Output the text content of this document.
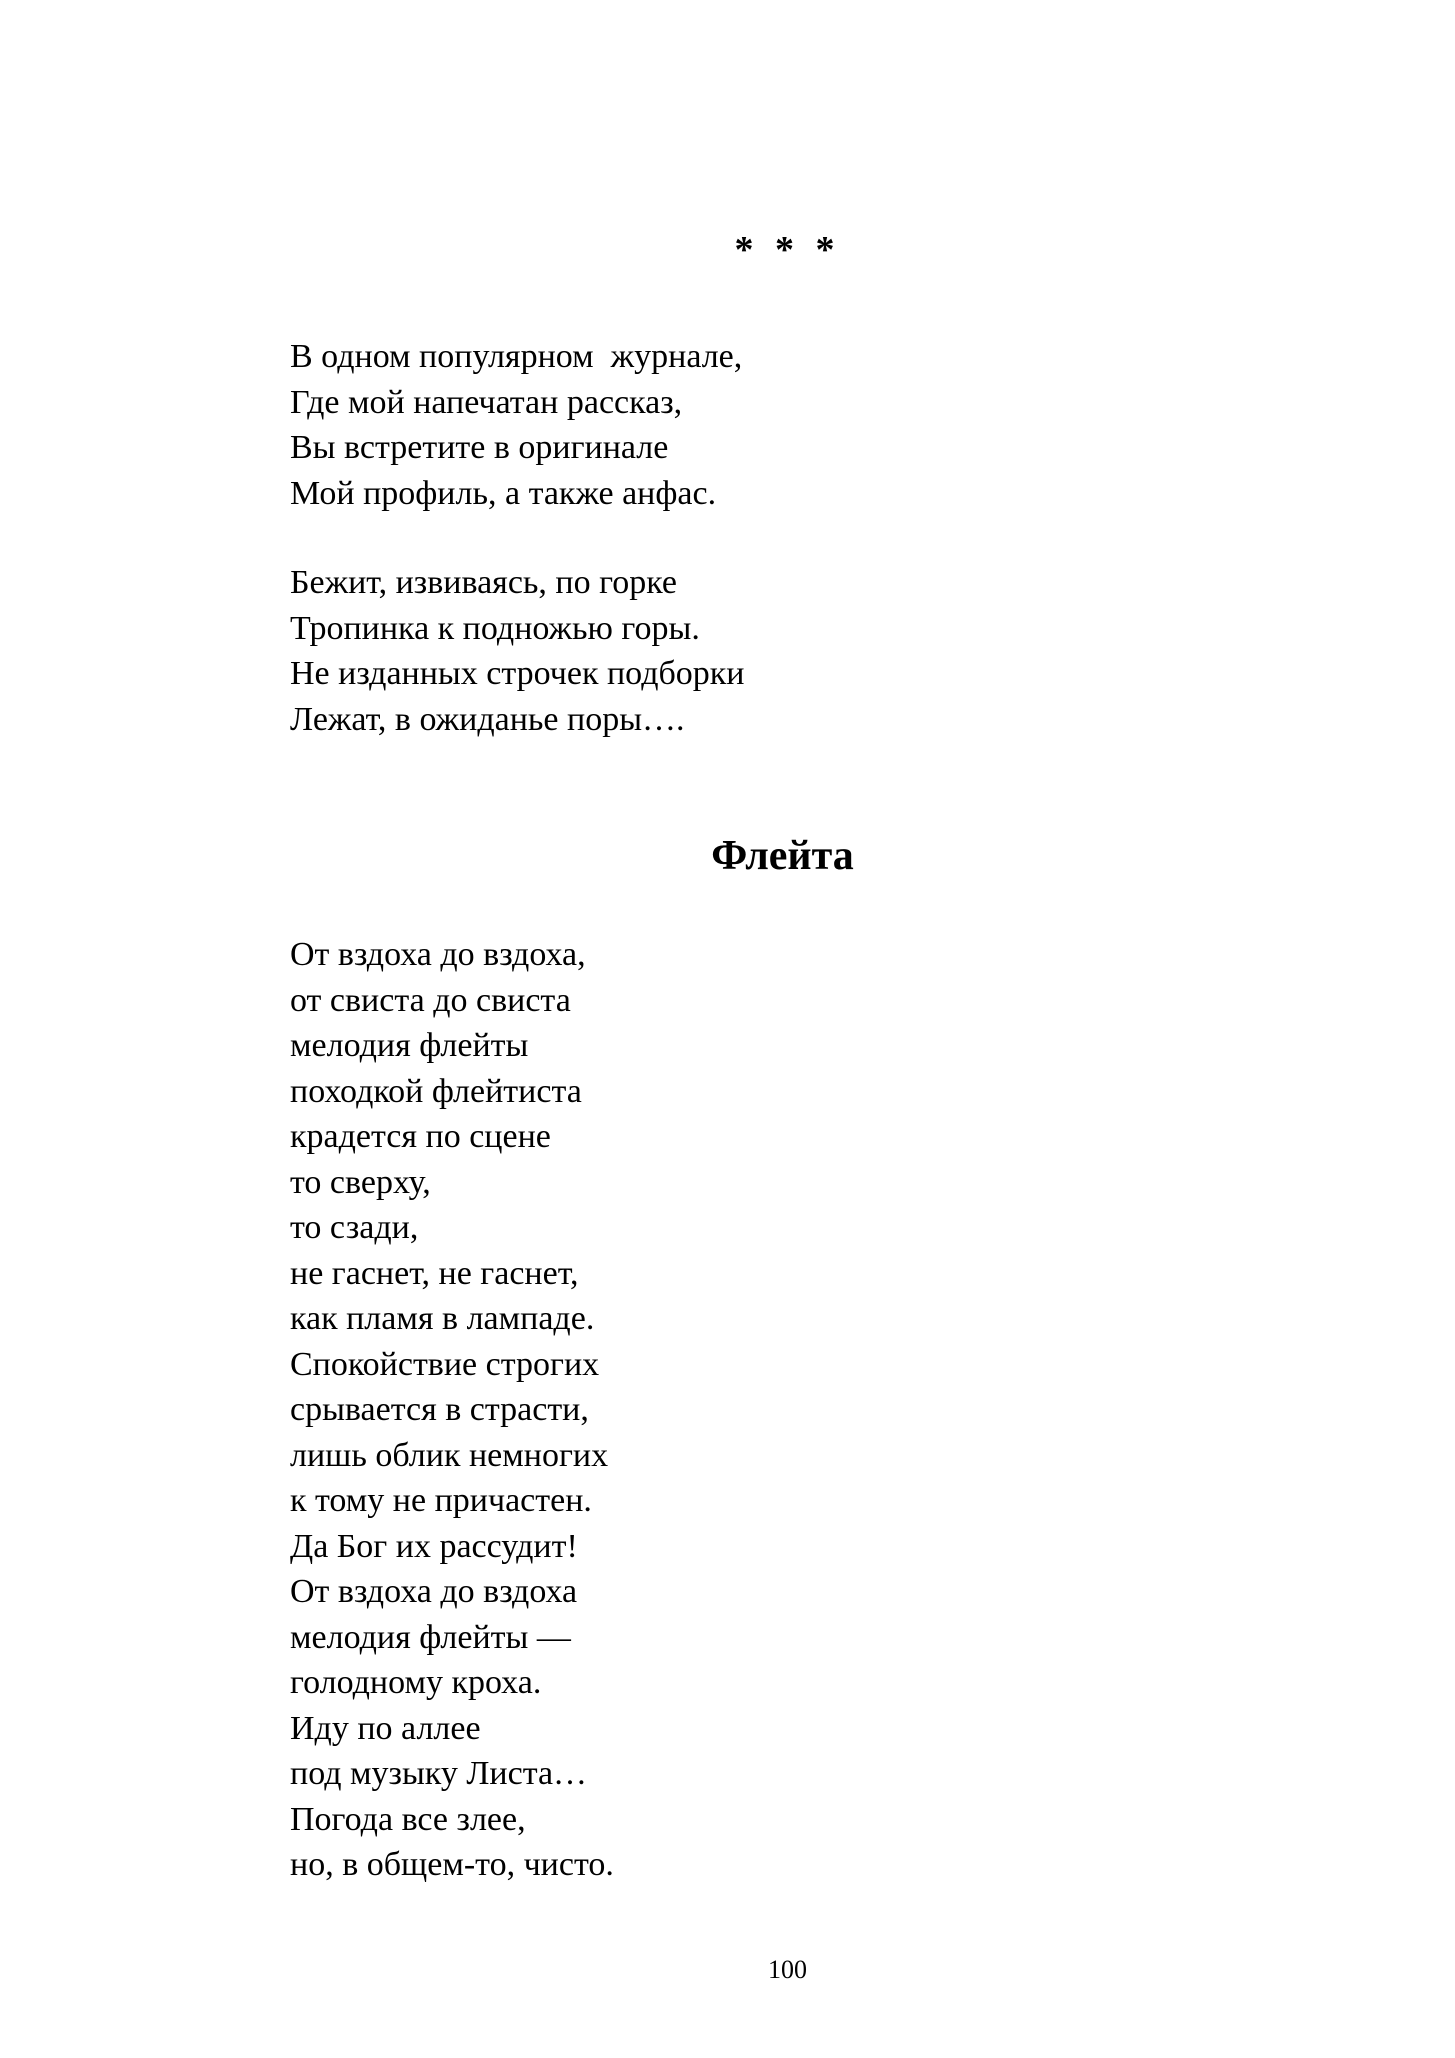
* * *
В одном популярном  журнале,
Где мой напечатан рассказ,
Вы встретите в оригинале
Мой профиль, а также анфас.
Бежит, извиваясь, по горке
Тропинка к подножью горы.
Не изданных строчек подборки
Лежат, в ожиданье поры….
Флейта
От вздоха до вздоха,
от свиста до свиста
мелодия флейты
походкой флейтиста
крадется по сцене
то сверху,
то сзади,
не гаснет, не гаснет,
как пламя в лампаде.
Спокойствие строгих
срывается в страсти,
лишь облик немногих
к тому не причастен.
Да Бог их рассудит!
От вздоха до вздоха
мелодия флейты —
голодному кроха.
Иду по аллее
под музыку Листа…
Погода все злее,
но, в общем-то, чисто.
100
